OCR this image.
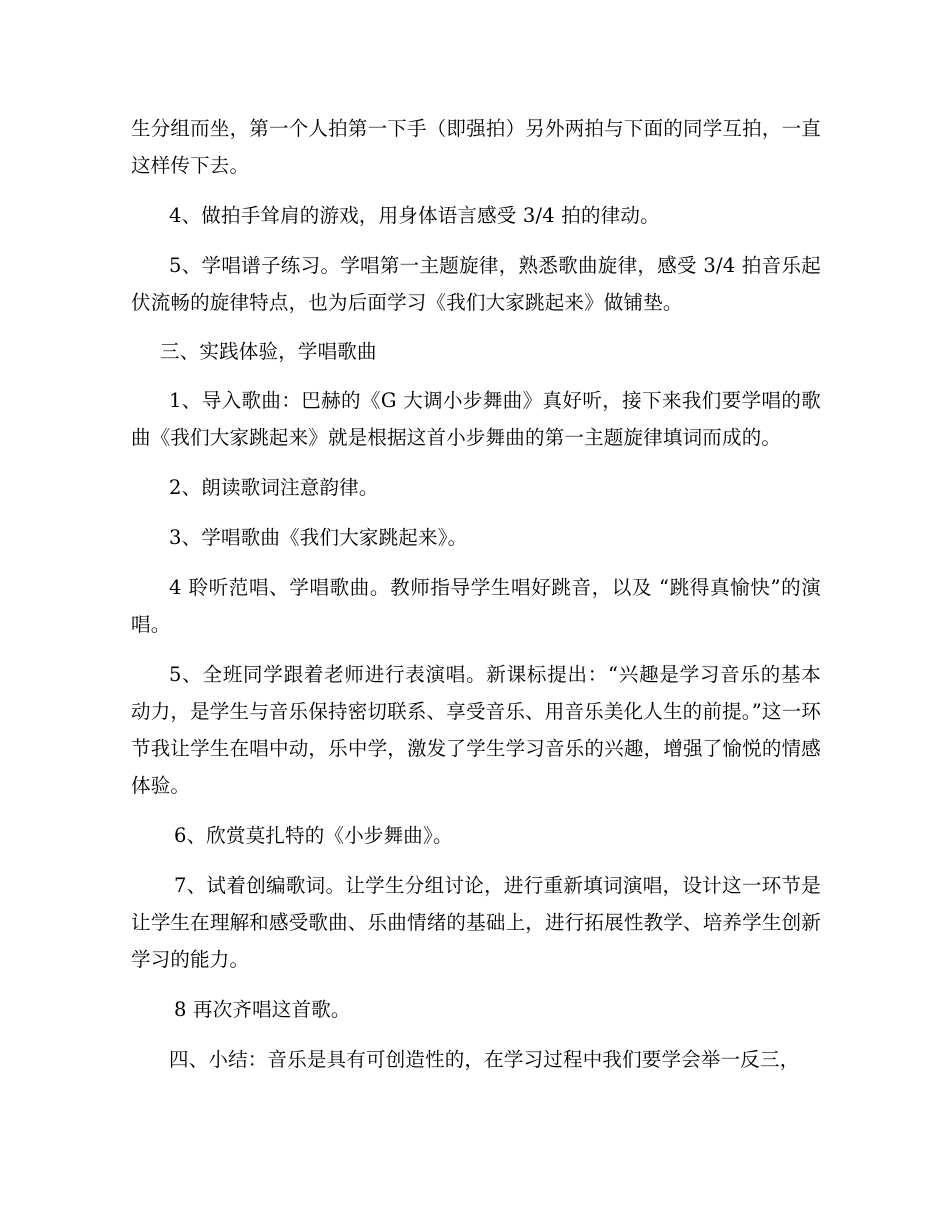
生分组而坐，第一个人拍第一下手（即强拍）另外两拍与下面的同学互拍，一直这样传下去。

4、做拍手耸肩的游戏，用身体语言感受 3/4 拍的律动。

5、学唱谱子练习。学唱第一主题旋律，熟悉歌曲旋律，感受 3/4 拍音乐起伏流畅的旋律特点，也为后面学习《我们大家跳起来》做铺垫。

三、实践体验，学唱歌曲

1、导入歌曲：巴赫的《G 大调小步舞曲》真好听，接下来我们要学唱的歌曲《我们大家跳起来》就是根据这首小步舞曲的第一主题旋律填词而成的。

2、朗读歌词注意韵律。

3、学唱歌曲《我们大家跳起来》。

4 聆听范唱、学唱歌曲。教师指导学生唱好跳音，以及 “跳得真愉快”的演唱。

5、全班同学跟着老师进行表演唱。新课标提出：“兴趣是学习音乐的基本动力，是学生与音乐保持密切联系、享受音乐、用音乐美化人生的前提。”这一环节我让学生在唱中动，乐中学，激发了学生学习音乐的兴趣，增强了愉悦的情感体验。

6、欣赏莫扎特的《小步舞曲》。

7、试着创编歌词。让学生分组讨论，进行重新填词演唱，设计这一环节是让学生在理解和感受歌曲、乐曲情绪的基础上，进行拓展性教学、培养学生创新学习的能力。

8 再次齐唱这首歌。

四、小结：音乐是具有可创造性的，在学习过程中我们要学会举一反三，
